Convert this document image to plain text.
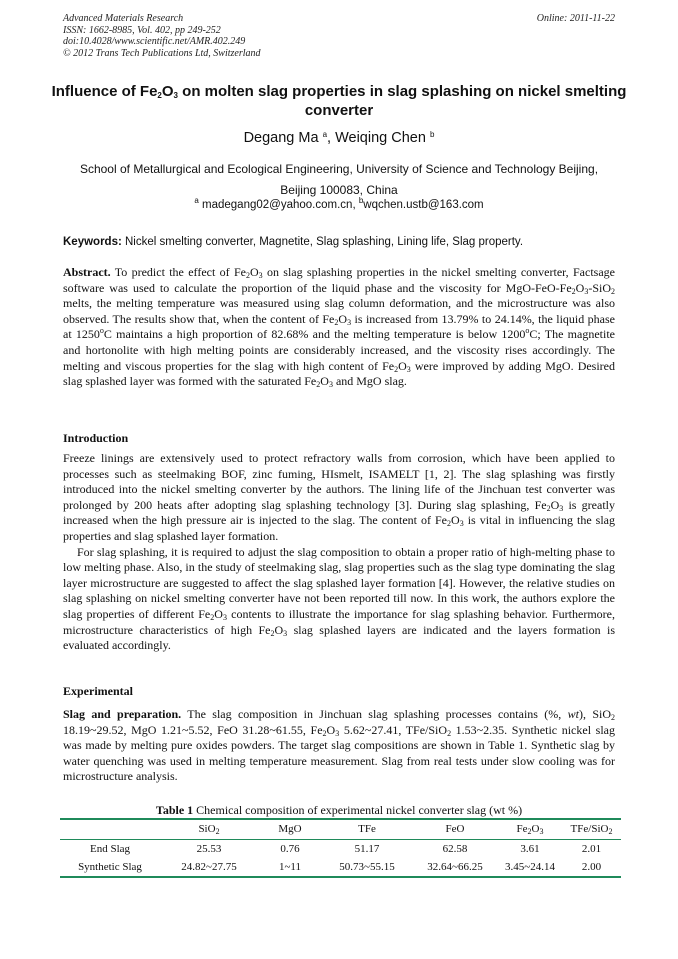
Advanced Materials Research
ISSN: 1662-8985, Vol. 402, pp 249-252
doi:10.4028/www.scientific.net/AMR.402.249
© 2012 Trans Tech Publications Ltd, Switzerland
Online: 2011-11-22
Influence of $Fe_2O_3$ on molten slag properties in slag splashing on nickel smelting converter
Degang Ma $^a$, Weiqing Chen $^b$
School of Metallurgical and Ecological Engineering, University of Science and Technology Beijing,
Beijing 100083, China
$^a$ madegang02@yahoo.com.cn, $^b$wqchen.ustb@163.com
Keywords: Nickel smelting converter, Magnetite, Slag splashing, Lining life, Slag property.

Abstract. To predict the effect of $Fe_2O_3$ on slag splashing properties in the nickel smelting converter, Factsage software was used to calculate the proportion of the liquid phase and the viscosity for MgO-$FeO-Fe_2O_3-SiO_2$ melts, the melting temperature was measured using slag column deformation, and the microstructure was also observed. The results show that, when the content of $Fe_2O_3$ is increased from 13.79% to 24.14%, the liquid phase at 1250$^o$C maintains a high proportion of 82.68% and the melting temperature is below 1200$^o$C; The magnetite and hortonolite with high melting points are considerably increased, and the viscosity rises accordingly. The melting and viscous properties for the slag with high content of $Fe_2O_3$ were improved by adding MgO. Desired slag splashed layer was formed with the saturated $Fe_2O_3$ and MgO slag.

Introduction

Freeze linings are extensively used to protect refractory walls from corrosion, which have been applied to processes such as steelmaking BOF, zinc fuming, HIsmelt, ISAMELT [1, 2]. The slag splashing was firstly introduced into the nickel smelting converter by the authors. The lining life of the Jinchuan test converter was prolonged by 200 heats after adopting slag splashing technology [3]. During slag splashing, $Fe_2O_3$ is greatly increased when the high pressure air is injected to the slag. The content of $Fe_2O_3$ is vital in influencing the slag properties and slag splashed layer formation.

For slag splashing, it is required to adjust the slag composition to obtain a proper ratio of high-melting phase to low melting phase. Also, in the study of steelmaking slag, slag properties such as the slag type dominating the slag layer microstructure are suggested to affect the slag splashed layer formation [4]. However, the relative studies on slag splashing on nickel smelting converter have not been reported till now. In this work, the authors explore the slag properties of different $Fe_2O_3$ contents to illustrate the importance for slag splashing behavior. Furthermore, microstructure characteristics of high $Fe_2O_3$ slag splashed layers are indicated and the layers formation is evaluated accordingly.

Experimental

Slag and preparation. The slag composition in Jinchuan slag splashing processes contains (%, wt), SiO$_2$ 18.19~29.52, MgO 1.21~5.52, FeO 31.28~61.55, $Fe_2O_3$ 5.62~27.41, TFe/SiO$_2$ 1.53~2.35. Synthetic nickel slag was made by melting pure oxides powders. The target slag compositions are shown in Table 1. Synthetic slag by water quenching was used in melting temperature measurement. Slag from real tests under slow cooling was for microstructure analysis.

Table 1 Chemical composition of experimental nickel converter slag (wt %)
	SiO$_2$	MgO	TFe	FeO	$Fe_2O_3$	TFe/SiO$_2$
End Slag	25.53	0.76	51.17	62.58	3.61	2.01
Synthetic Slag	24.82~27.75	1~11	50.73~55.15	32.64~66.25	3.45~24.14	2.00
